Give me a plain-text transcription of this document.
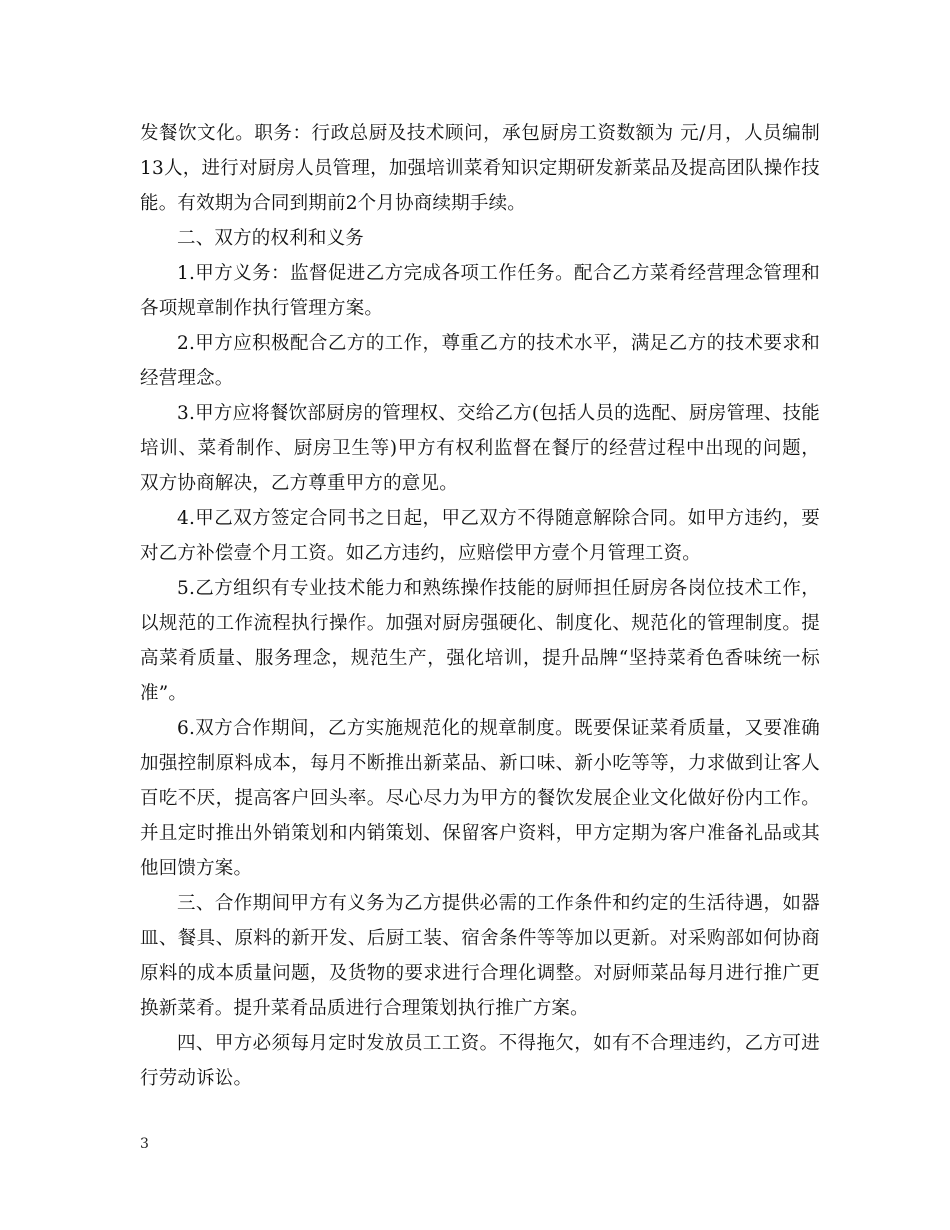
发餐饮文化。职务：行政总厨及技术顾问，承包厨房工资数额为 元/月，人员编制13人，进行对厨房人员管理，加强培训菜肴知识定期研发新菜品及提高团队操作技能。有效期为合同到期前2个月协商续期手续。

二、双方的权利和义务

1.甲方义务：监督促进乙方完成各项工作任务。配合乙方菜肴经营理念管理和各项规章制作执行管理方案。

2.甲方应积极配合乙方的工作，尊重乙方的技术水平，满足乙方的技术要求和经营理念。

3.甲方应将餐饮部厨房的管理权、交给乙方(包括人员的选配、厨房管理、技能培训、菜肴制作、厨房卫生等)甲方有权利监督在餐厅的经营过程中出现的问题，双方协商解决，乙方尊重甲方的意见。

4.甲乙双方签定合同书之日起，甲乙双方不得随意解除合同。如甲方违约，要对乙方补偿壹个月工资。如乙方违约，应赔偿甲方壹个月管理工资。

5.乙方组织有专业技术能力和熟练操作技能的厨师担任厨房各岗位技术工作，以规范的工作流程执行操作。加强对厨房强硬化、制度化、规范化的管理制度。提高菜肴质量、服务理念，规范生产，强化培训，提升品牌“坚持菜肴色香味统一标准”。

6.双方合作期间，乙方实施规范化的规章制度。既要保证菜肴质量，又要准确加强控制原料成本，每月不断推出新菜品、新口味、新小吃等等，力求做到让客人百吃不厌，提高客户回头率。尽心尽力为甲方的餐饮发展企业文化做好份内工作。并且定时推出外销策划和内销策划、保留客户资料，甲方定期为客户准备礼品或其他回馈方案。

三、合作期间甲方有义务为乙方提供必需的工作条件和约定的生活待遇，如器皿、餐具、原料的新开发、后厨工装、宿舍条件等等加以更新。对采购部如何协商原料的成本质量问题，及货物的要求进行合理化调整。对厨师菜品每月进行推广更换新菜肴。提升菜肴品质进行合理策划执行推广方案。

四、甲方必须每月定时发放员工工资。不得拖欠，如有不合理违约，乙方可进行劳动诉讼。

3
